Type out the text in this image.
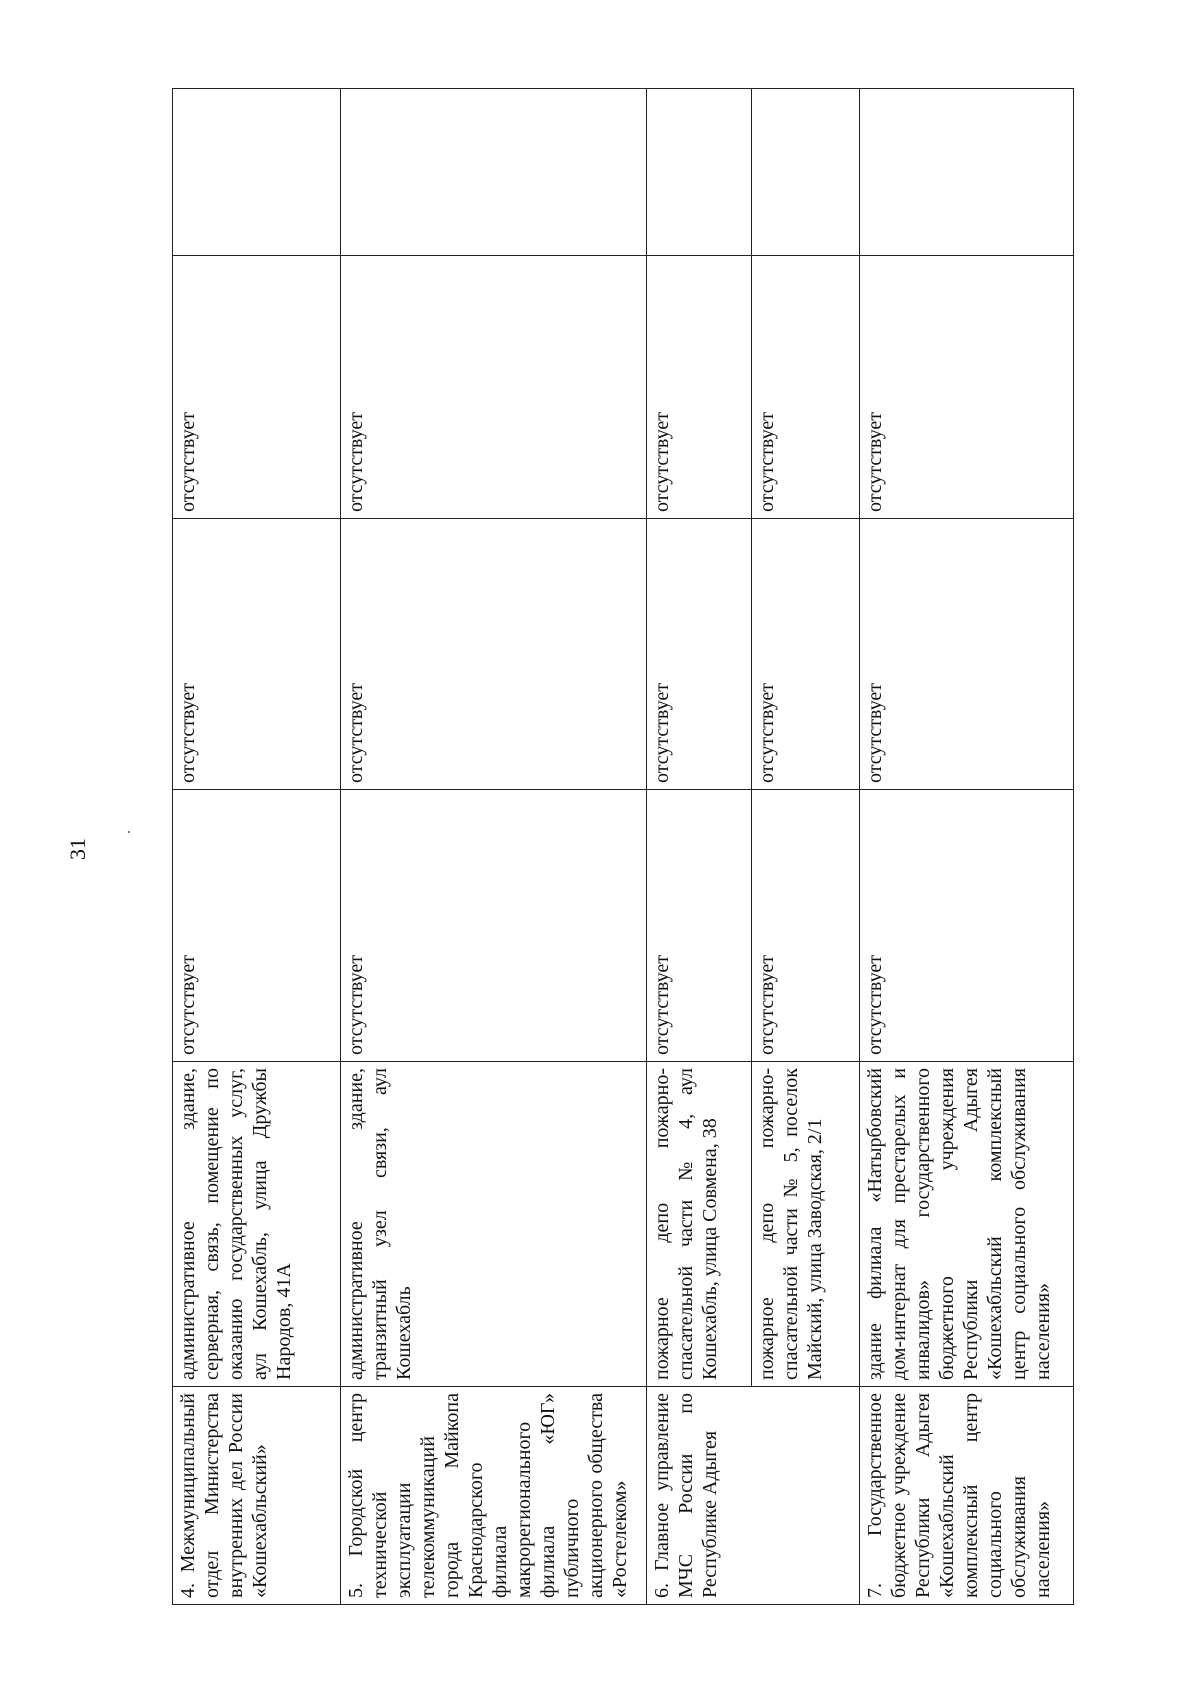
31
4. Межмуниципальный отдел Министерства внутренних дел России «Кошехабльский»	административное здание, серверная, связь, помещение по оказанию государственных услуг, аул Кошехабль, улица Дружбы Народов, 41А	отсутствует	отсутствует	отсутствует	
5. Городской центр технической эксплуатации телекоммуникаций города Майкопа Краснодарского филиала макрорегионального филиала «ЮГ» публичного акционерного общества «Ростелеком»	административное здание, транзитный узел связи, аул Кошехабль	отсутствует	отсутствует	отсутствует	
6. Главное управление МЧС России по Республике Адыгея	пожарное депо пожарно-спасательной части № 4, аул Кошехабль, улица Совмена, 38	отсутствует	отсутствует	отсутствует	
	пожарное депо пожарно-спасательной части № 5, поселок Майский, улица Заводская, 2/1	отсутствует	отсутствует	отсутствует	
7. Государственное бюджетное учреждение Республики Адыгея «Кошехабльский комплексный центр социального обслуживания населения»	здание филиала «Натырбовский дом-интернат для престарелых и инвалидов» государственного бюджетного учреждения Республики Адыгея «Кошехабльский комплексный центр социального обслуживания населения»	отсутствует	отсутствует	отсутствует	
